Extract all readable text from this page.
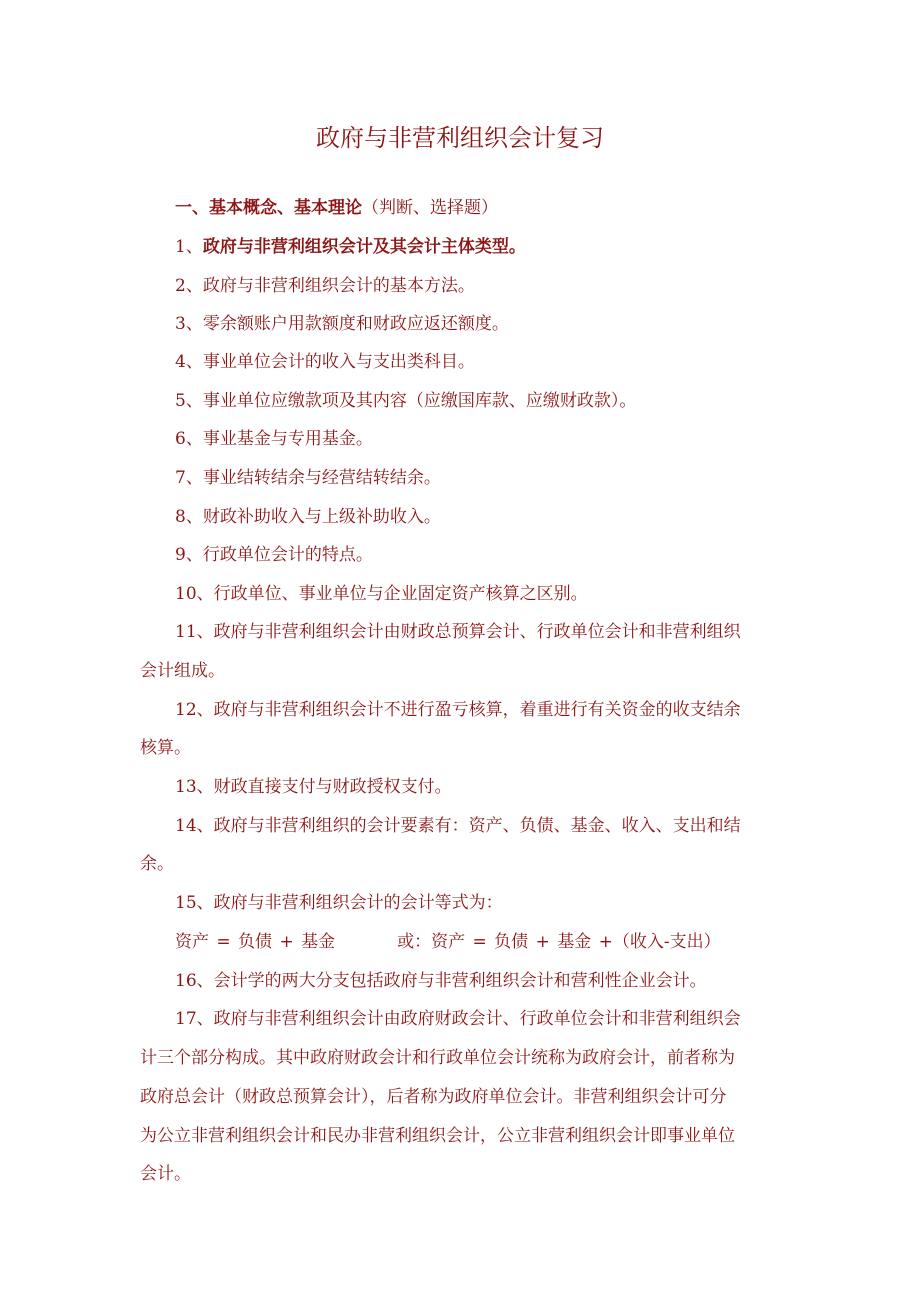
政府与非营利组织会计复习
一、基本概念、基本理论（判断、选择题）
1、政府与非营利组织会计及其会计主体类型。
资产 = 负债 + 基金	或：资产 = 负债 + 基金 +（收入-支出）
2、政府与非营利组织会计的基本方法。
3、零余额账户用款额度和财政应返还额度。
4、事业单位会计的收入与支出类科目。
5、事业单位应缴款项及其内容（应缴国库款、应缴财政款）。
6、事业基金与专用基金。
7、事业结转结余与经营结转结余。
8、财政补助收入与上级补助收入。
9、行政单位会计的特点。
10、行政单位、事业单位与企业固定资产核算之区别。
11、政府与非营利组织会计由财政总预算会计、行政单位会计和非营利组织
会计组成。
12、政府与非营利组织会计不进行盈亏核算，着重进行有关资金的收支结余
核算。
13、财政直接支付与财政授权支付。
14、政府与非营利组织的会计要素有：资产、负债、基金、收入、支出和结
余。
15、政府与非营利组织会计的会计等式为：
16、会计学的两大分支包括政府与非营利组织会计和营利性企业会计。
17、政府与非营利组织会计由政府财政会计、行政单位会计和非营利组织会
计三个部分构成。其中政府财政会计和行政单位会计统称为政府会计，前者称为
政府总会计（财政总预算会计），后者称为政府单位会计。非营利组织会计可分
为公立非营利组织会计和民办非营利组织会计，公立非营利组织会计即事业单位
会计。
